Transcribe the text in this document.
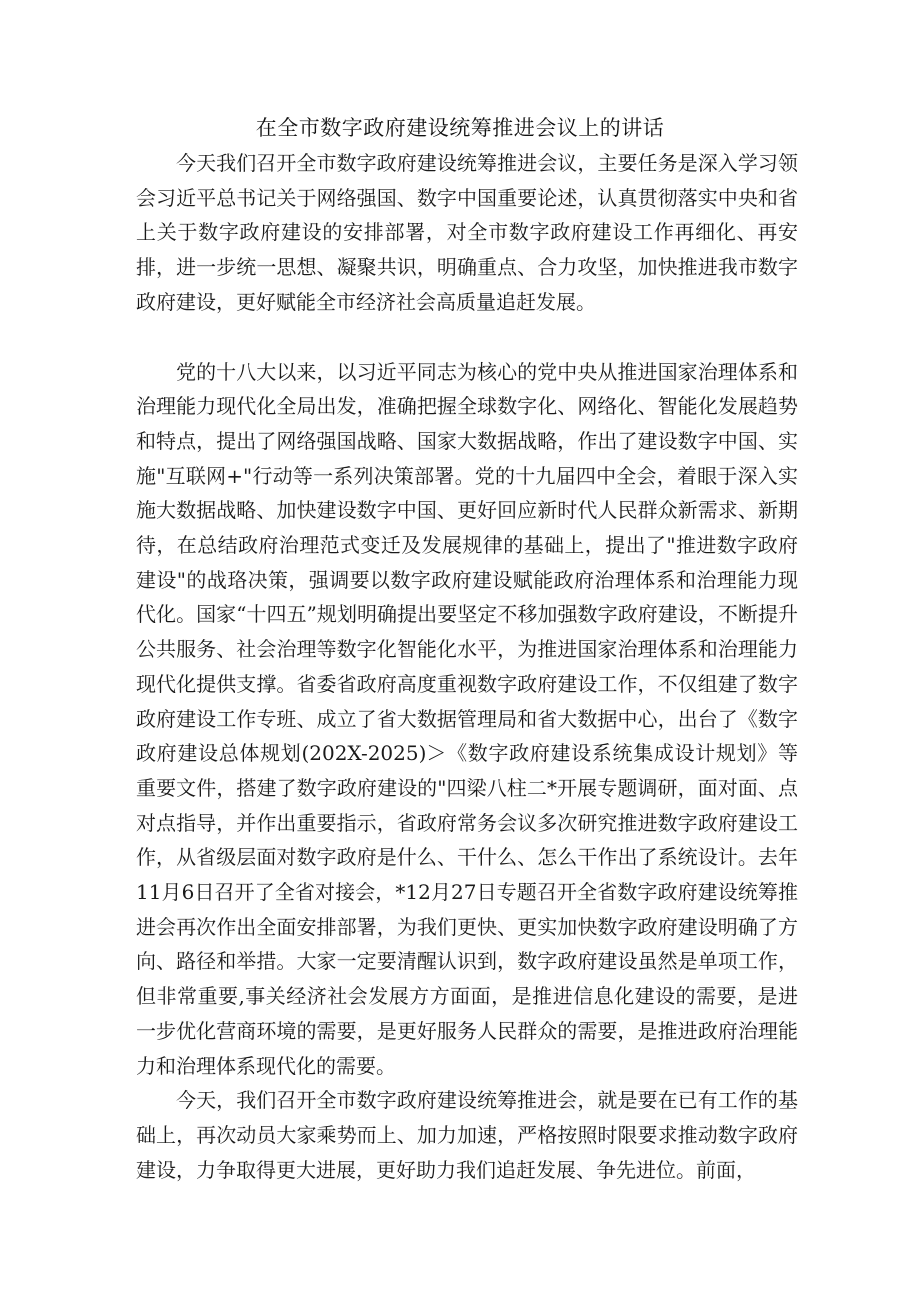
在全市数字政府建设统筹推进会议上的讲话

今天我们召开全市数字政府建设统筹推进会议，主要任务是深入学习领会习近平总书记关于网络强国、数字中国重要论述，认真贯彻落实中央和省上关于数字政府建设的安排部署，对全市数字政府建设工作再细化、再安排，进一步统一思想、凝聚共识，明确重点、合力攻坚，加快推进我市数字政府建设，更好赋能全市经济社会高质量追赶发展。

党的十八大以来，以习近平同志为核心的党中央从推进国家治理体系和治理能力现代化全局出发，准确把握全球数字化、网络化、智能化发展趋势和特点，提出了网络强国战略、国家大数据战略，作出了建设数字中国、实施"互联网+"行动等一系列决策部署。党的十九届四中全会，着眼于深入实施大数据战略、加快建设数字中国、更好回应新时代人民群众新需求、新期待，在总结政府治理范式变迁及发展规律的基础上，提出了"推进数字政府建设"的战珞决策，强调要以数字政府建设赋能政府治理体系和治理能力现代化。国家“十四五”规划明确提出要坚定不移加强数字政府建设，不断提升公共服务、社会治理等数字化智能化水平，为推进国家治理体系和治理能力现代化提供支撑。省委省政府高度重视数字政府建设工作，不仅组建了数字政府建设工作专班、成立了省大数据管理局和省大数据中心，出台了《数字政府建设总体规划(202X-2025)＞《数字政府建设系统集成设计规划》等重要文件，搭建了数字政府建设的"四梁八柱二*开展专题调研，面对面、点对点指导，并作出重要指示，省政府常务会议多次研究推进数字政府建设工作，从省级层面对数字政府是什么、干什么、怎么干作出了系统设计。去年11月6日召开了全省对接会，*12月27日专题召开全省数字政府建设统筹推进会再次作出全面安排部署，为我们更快、更实加快数字政府建设明确了方向、路径和举措。大家一定要清醒认识到，数字政府建设虽然是单项工作，但非常重要,事关经济社会发展方方面面，是推进信息化建设的需要，是进一步优化营商环境的需要，是更好服务人民群众的需要，是推进政府治理能力和治理体系现代化的需要。

今天，我们召开全市数字政府建设统筹推进会，就是要在已有工作的基础上，再次动员大家乘势而上、加力加速，严格按照时限要求推动数字政府建设，力争取得更大进展，更好助力我们追赶发展、争先进位。前面，
